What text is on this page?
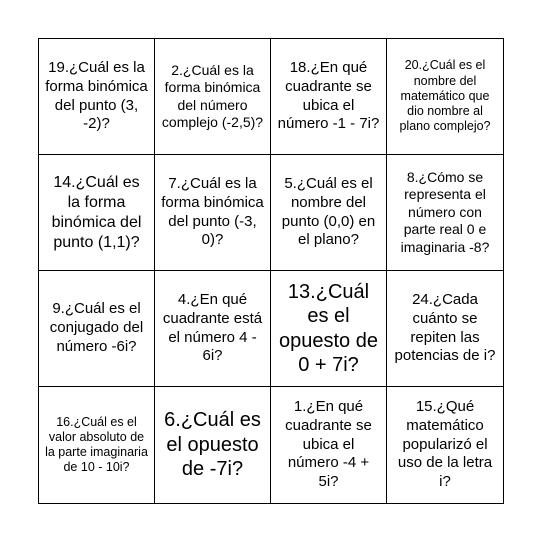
19.¿Cuál es la forma binómica del punto (3, -2)?
2.¿Cuál es la forma binómica del número complejo (-2,5)?
18.¿En qué cuadrante se ubica el número -1 - 7i?
20.¿Cuál es el nombre del matemático que dio nombre al plano complejo?
14.¿Cuál es la forma binómica del punto (1,1)?
7.¿Cuál es la forma binómica del punto (-3, 0)?
5.¿Cuál es el nombre del punto (0,0) en el plano?
8.¿Cómo se representa el número con parte real 0 e imaginaria -8?
9.¿Cuál es el conjugado del número -6i?
4.¿En qué cuadrante está el número 4 - 6i?
13.¿Cuál es el opuesto de 0 + 7i?
24.¿Cada cuánto se repiten las potencias de i?
16.¿Cuál es el valor absoluto de la parte imaginaria de 10 - 10i?
6.¿Cuál es el opuesto de -7i?
1.¿En qué cuadrante se ubica el número -4 + 5i?
15.¿Qué matemático popularizó el uso de la letra i?
